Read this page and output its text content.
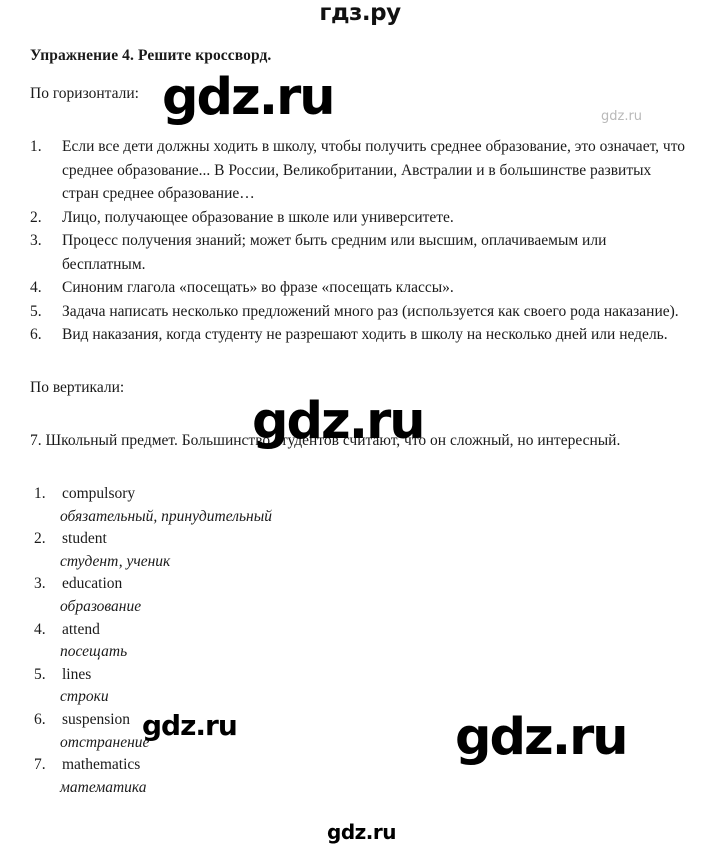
гдз.ру

Упражнение 4. Решите кроссворд.

По горизонтали:

1.	Если все дети должны ходить в школу, чтобы получить среднее образование, это означает, что среднее образование... В России, Великобритании, Австралии и в большинстве развитых стран среднее образование…
2.	Лицо, получающее образование в школе или университете.
3.	Процесс получения знаний; может быть средним или высшим, оплачиваемым или бесплатным.
4.	Синоним глагола «посещать» во фразе «посещать классы».
5.	Задача написать несколько предложений много раз (используется как своего рода наказание).
6.	Вид наказания, когда студенту не разрешают ходить в школу на несколько дней или недель.

По вертикали:

7. Школьный предмет. Большинство студентов считают, что он сложный, но интересный.

1. compulsory
обязательный, принудительный
2. student
студент, ученик
3. education
образование
4. attend
посещать
5. lines
строки
6. suspension
отстранение
7. mathematics
математика
gdz.ru	gdz.ru
gdz.ru
gdz.ru	gdz.ru
gdz.ru
